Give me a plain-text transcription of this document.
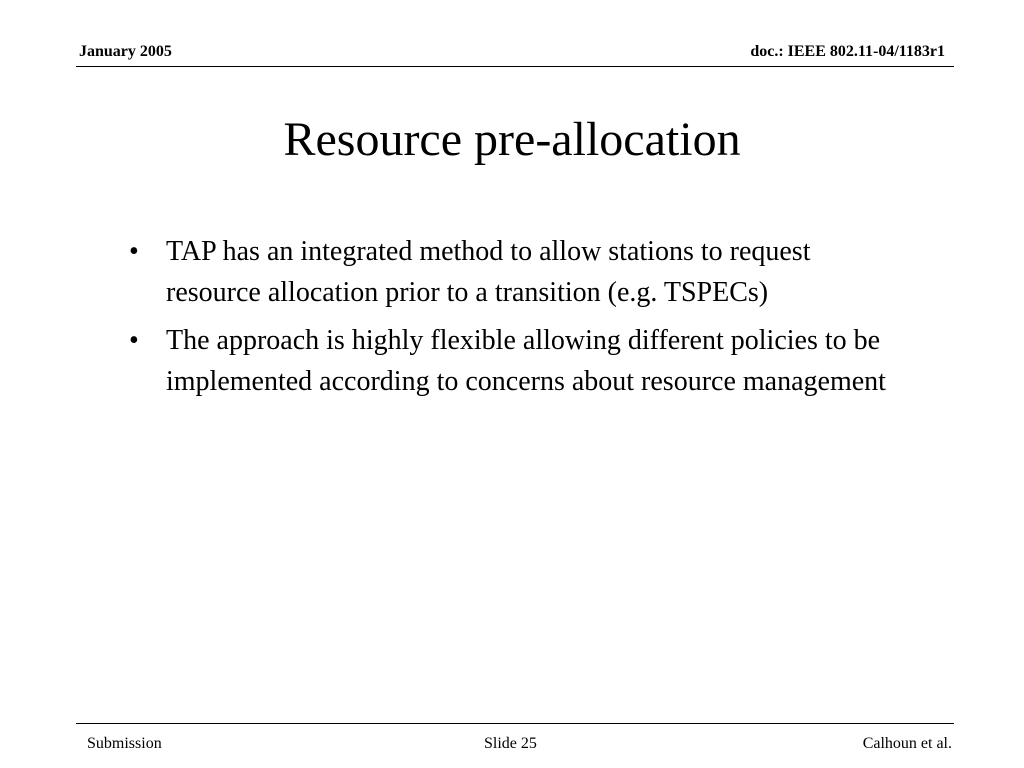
January 2005	doc.: IEEE 802.11-04/1183r1
Resource pre-allocation
• TAP has an integrated method to allow stations to request resource allocation prior to a transition (e.g. TSPECs)
• The approach is highly flexible allowing different policies to be implemented according to concerns about resource management
Submission	Slide 25	Calhoun et al.
